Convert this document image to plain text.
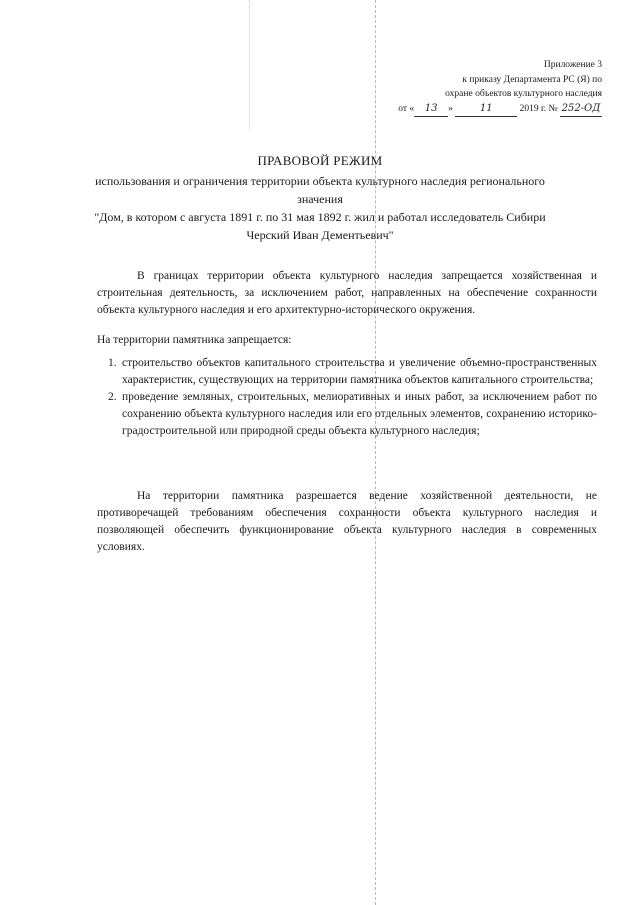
Приложение 3
к приказу Департамента РС (Я) по
охране объектов культурного наследия
от « 13 »	11	2019 г. № 252-ОД
ПРАВОВОЙ РЕЖИМ
использования и ограничения территории объекта культурного наследия регионального
значения
"Дом, в котором с августа 1891 г. по 31 мая 1892 г. жил и работал исследователь Сибири
Черский Иван Дементьевич"
В границах территории объекта культурного наследия запрещается хозяйственная и строительная деятельность, за исключением работ, направленных на обеспечение сохранности объекта культурного наследия и его архитектурно-исторического окружения.
На территории памятника запрещается:
1. строительство объектов капитального строительства и увеличение объемно-пространственных характеристик, существующих на территории памятника объектов капитального строительства;
2. проведение земляных, строительных, мелиоративных и иных работ, за исключением работ по сохранению объекта культурного наследия или его отдельных элементов, сохранению историко-градостроительной или природной среды объекта культурного наследия;
На территории памятника разрешается ведение хозяйственной деятельности, не противоречащей требованиям обеспечения сохранности объекта культурного наследия и позволяющей обеспечить функционирование объекта культурного наследия в современных условиях.
